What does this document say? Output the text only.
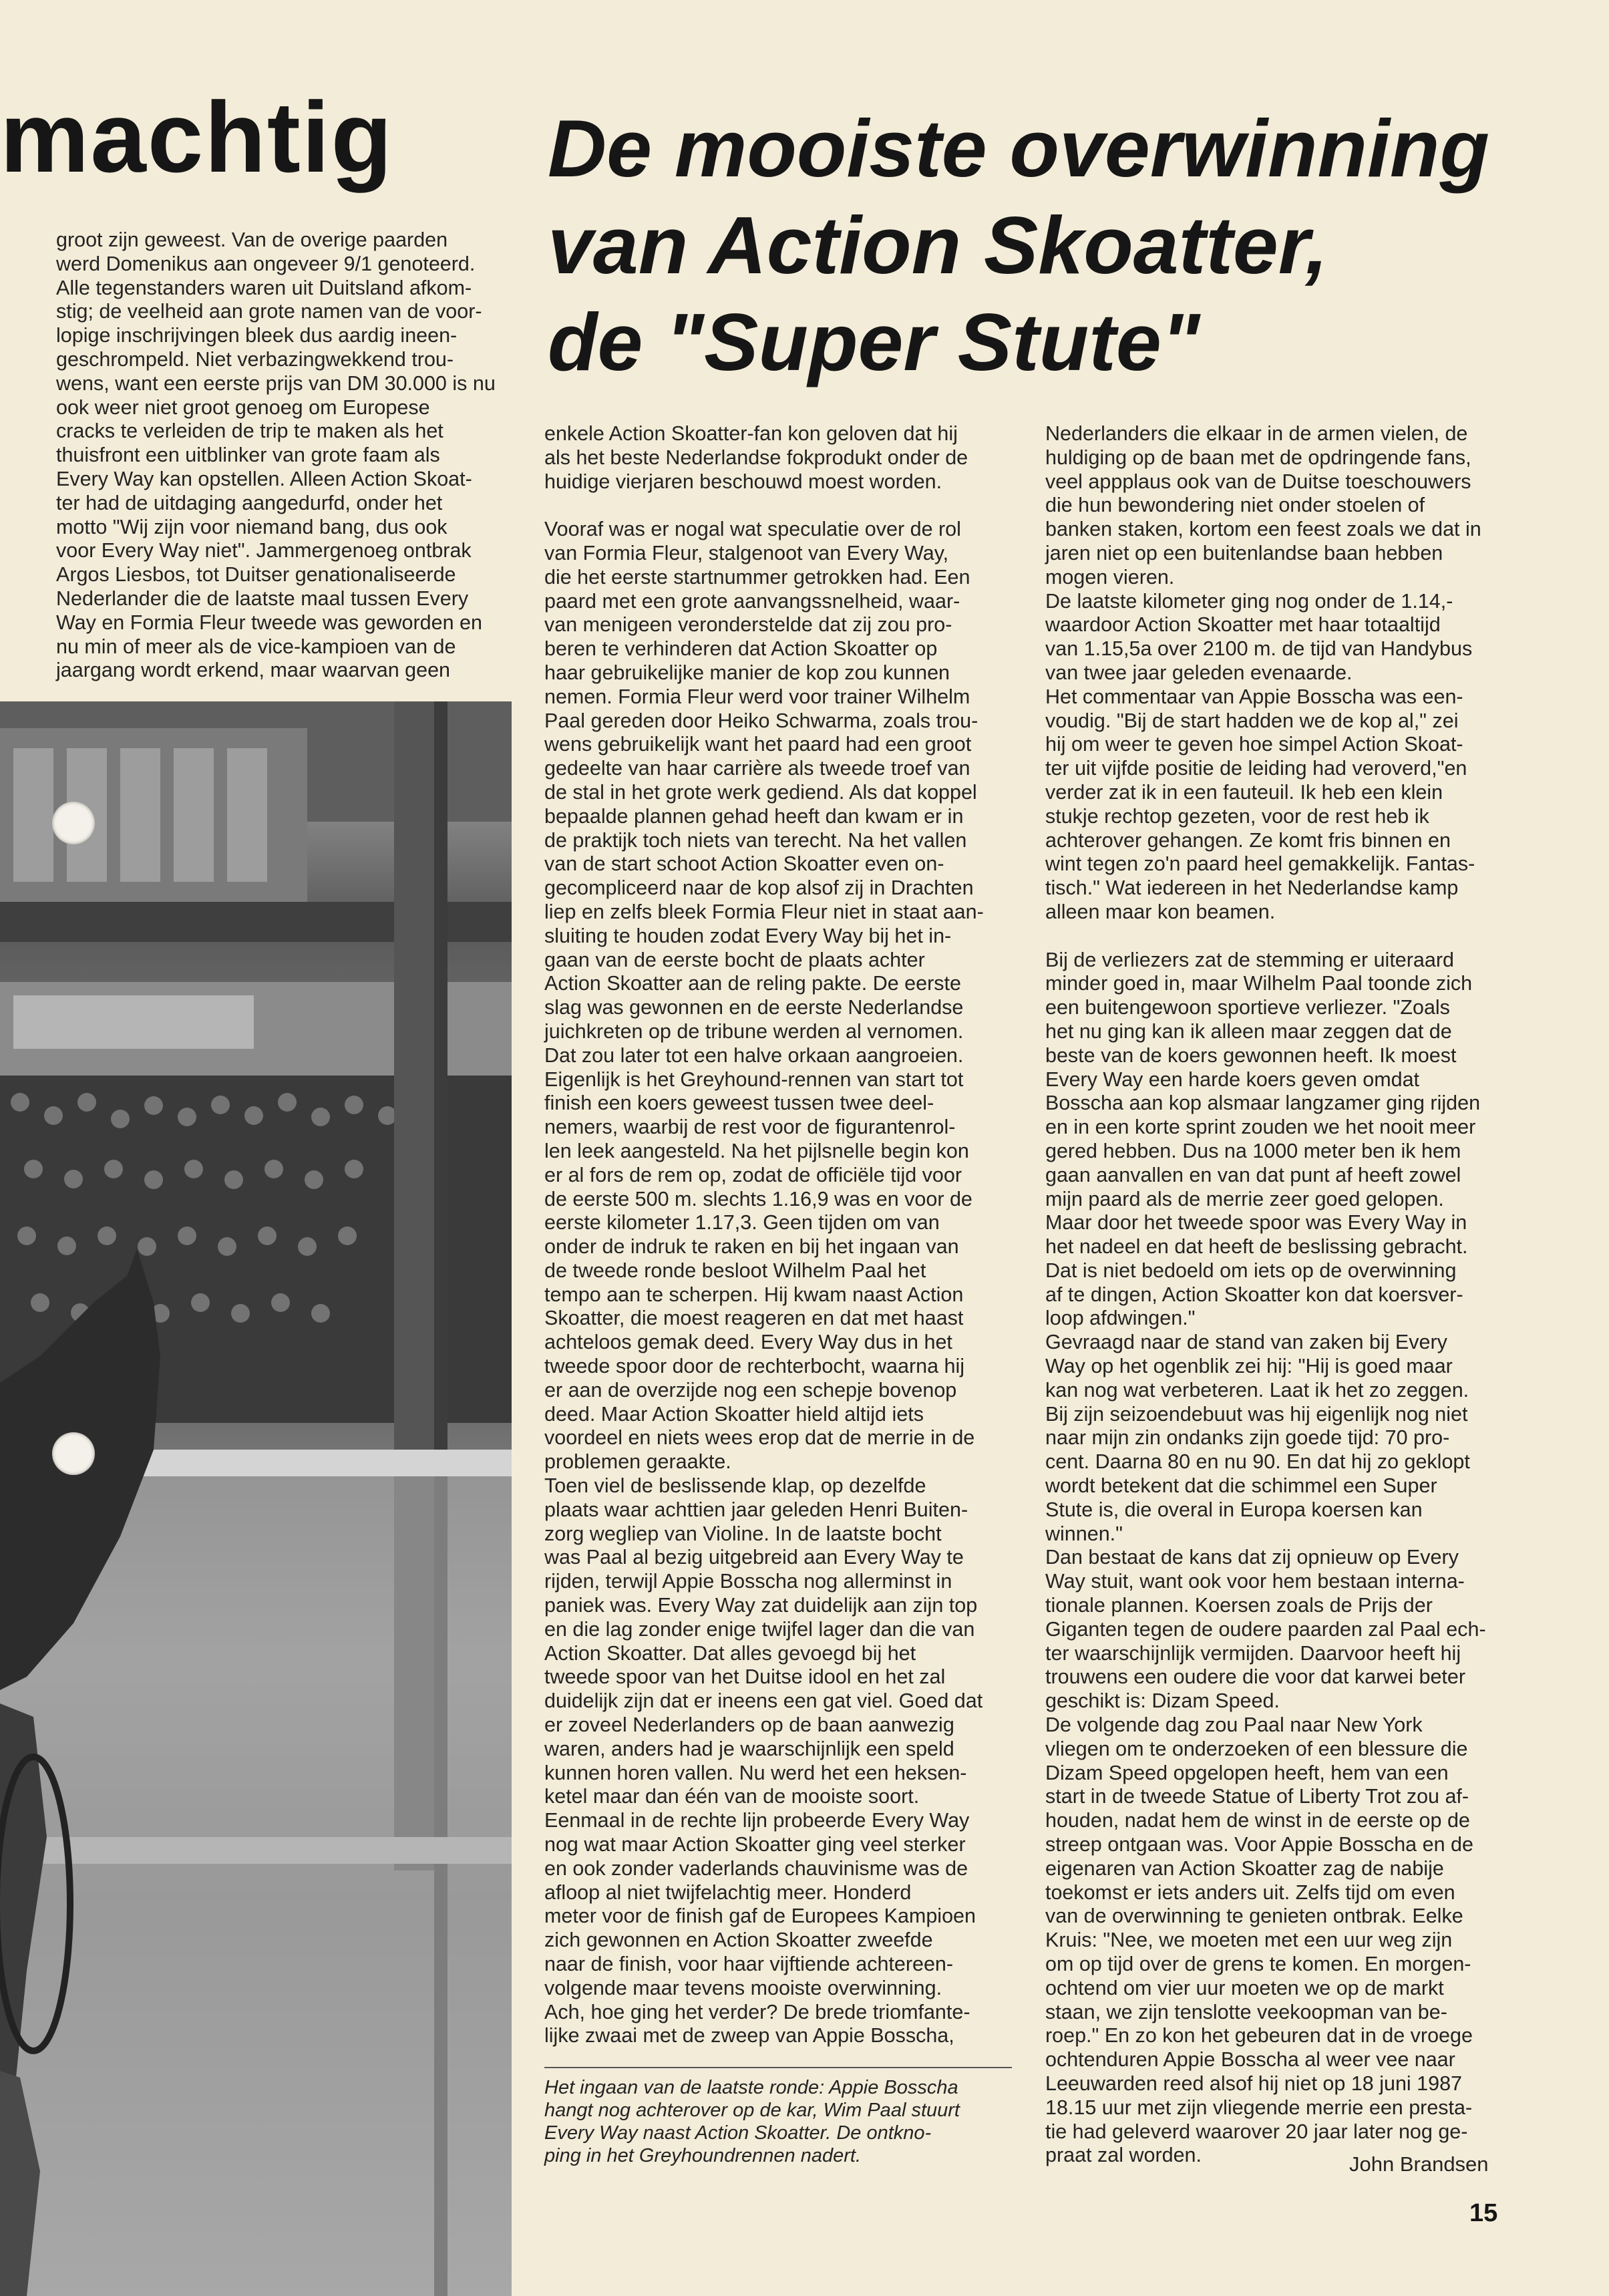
machtig	De mooiste overwinning
van Action Skoatter,
de "Super Stute"
groot zijn geweest. Van de overige paarden
werd Domenikus aan ongeveer 9/1 genoteerd.
Alle tegenstanders waren uit Duitsland afkom-
stig; de veelheid aan grote namen van de voor-
lopige inschrijvingen bleek dus aardig ineen-
geschrompeld. Niet verbazingwekkend trou-
wens, want een eerste prijs van DM 30.000 is nu
ook weer niet groot genoeg om Europese
cracks te verleiden de trip te maken als het
thuisfront een uitblinker van grote faam als
Every Way kan opstellen. Alleen Action Skoat-
ter had de uitdaging aangedurfd, onder het
motto "Wij zijn voor niemand bang, dus ook
voor Every Way niet". Jammergenoeg ontbrak
Argos Liesbos, tot Duitser genationaliseerde
Nederlander die de laatste maal tussen Every
Way en Formia Fleur tweede was geworden en
nu min of meer als de vice-kampioen van de
jaargang wordt erkend, maar waarvan geen
enkele Action Skoatter-fan kon geloven dat hij
als het beste Nederlandse fokprodukt onder de
huidige vierjaren beschouwd moest worden.

Vooraf was er nogal wat speculatie over de rol
van Formia Fleur, stalgenoot van Every Way,
die het eerste startnummer getrokken had. Een
paard met een grote aanvangssnelheid, waar-
van menigeen veronderstelde dat zij zou pro-
beren te verhinderen dat Action Skoatter op
haar gebruikelijke manier de kop zou kunnen
nemen. Formia Fleur werd voor trainer Wilhelm
Paal gereden door Heiko Schwarma, zoals trou-
wens gebruikelijk want het paard had een groot
gedeelte van haar carrière als tweede troef van
de stal in het grote werk gediend. Als dat koppel
bepaalde plannen gehad heeft dan kwam er in
de praktijk toch niets van terecht. Na het vallen
van de start schoot Action Skoatter even on-
gecompliceerd naar de kop alsof zij in Drachten
liep en zelfs bleek Formia Fleur niet in staat aan-
sluiting te houden zodat Every Way bij het in-
gaan van de eerste bocht de plaats achter
Action Skoatter aan de reling pakte. De eerste
slag was gewonnen en de eerste Nederlandse
juichkreten op de tribune werden al vernomen.
Dat zou later tot een halve orkaan aangroeien.
Eigenlijk is het Greyhound-rennen van start tot
finish een koers geweest tussen twee deel-
nemers, waarbij de rest voor de figurantenrol-
len leek aangesteld. Na het pijlsnelle begin kon
er al fors de rem op, zodat de officiële tijd voor
de eerste 500 m. slechts 1.16,9 was en voor de
eerste kilometer 1.17,3. Geen tijden om van
onder de indruk te raken en bij het ingaan van
de tweede ronde besloot Wilhelm Paal het
tempo aan te scherpen. Hij kwam naast Action
Skoatter, die moest reageren en dat met haast
achteloos gemak deed. Every Way dus in het
tweede spoor door de rechterbocht, waarna hij
er aan de overzijde nog een schepje bovenop
deed. Maar Action Skoatter hield altijd iets
voordeel en niets wees erop dat de merrie in de
problemen geraakte.
Toen viel de beslissende klap, op dezelfde
plaats waar achttien jaar geleden Henri Buiten-
zorg wegliep van Violine. In de laatste bocht
was Paal al bezig uitgebreid aan Every Way te
rijden, terwijl Appie Bosscha nog allerminst in
paniek was. Every Way zat duidelijk aan zijn top
en die lag zonder enige twijfel lager dan die van
Action Skoatter. Dat alles gevoegd bij het
tweede spoor van het Duitse idool en het zal
duidelijk zijn dat er ineens een gat viel. Goed dat
er zoveel Nederlanders op de baan aanwezig
waren, anders had je waarschijnlijk een speld
kunnen horen vallen. Nu werd het een heksen-
ketel maar dan één van de mooiste soort.
Eenmaal in de rechte lijn probeerde Every Way
nog wat maar Action Skoatter ging veel sterker
en ook zonder vaderlands chauvinisme was de
afloop al niet twijfelachtig meer. Honderd
meter voor de finish gaf de Europees Kampioen
zich gewonnen en Action Skoatter zweefde
naar de finish, voor haar vijftiende achtereen-
volgende maar tevens mooiste overwinning.
Ach, hoe ging het verder? De brede triomfante-
lijke zwaai met de zweep van Appie Bosscha,
Nederlanders die elkaar in de armen vielen, de
huldiging op de baan met de opdringende fans,
veel appplaus ook van de Duitse toeschouwers
die hun bewondering niet onder stoelen of
banken staken, kortom een feest zoals we dat in
jaren niet op een buitenlandse baan hebben
mogen vieren.
De laatste kilometer ging nog onder de 1.14,-
waardoor Action Skoatter met haar totaaltijd
van 1.15,5a over 2100 m. de tijd van Handybus
van twee jaar geleden evenaarde.
Het commentaar van Appie Bosscha was een-
voudig. "Bij de start hadden we de kop al," zei
hij om weer te geven hoe simpel Action Skoat-
ter uit vijfde positie de leiding had veroverd,"en
verder zat ik in een fauteuil. Ik heb een klein
stukje rechtop gezeten, voor de rest heb ik
achterover gehangen. Ze komt fris binnen en
wint tegen zo'n paard heel gemakkelijk. Fantas-
tisch." Wat iedereen in het Nederlandse kamp
alleen maar kon beamen.

Bij de verliezers zat de stemming er uiteraard
minder goed in, maar Wilhelm Paal toonde zich
een buitengewoon sportieve verliezer. "Zoals
het nu ging kan ik alleen maar zeggen dat de
beste van de koers gewonnen heeft. Ik moest
Every Way een harde koers geven omdat
Bosscha aan kop alsmaar langzamer ging rijden
en in een korte sprint zouden we het nooit meer
gered hebben. Dus na 1000 meter ben ik hem
gaan aanvallen en van dat punt af heeft zowel
mijn paard als de merrie zeer goed gelopen.
Maar door het tweede spoor was Every Way in
het nadeel en dat heeft de beslissing gebracht.
Dat is niet bedoeld om iets op de overwinning
af te dingen, Action Skoatter kon dat koersver-
loop afdwingen."
Gevraagd naar de stand van zaken bij Every
Way op het ogenblik zei hij: "Hij is goed maar
kan nog wat verbeteren. Laat ik het zo zeggen.
Bij zijn seizoendebuut was hij eigenlijk nog niet
naar mijn zin ondanks zijn goede tijd: 70 pro-
cent. Daarna 80 en nu 90. En dat hij zo geklopt
wordt betekent dat die schimmel een Super
Stute is, die overal in Europa koersen kan
winnen."
Dan bestaat de kans dat zij opnieuw op Every
Way stuit, want ook voor hem bestaan interna-
tionale plannen. Koersen zoals de Prijs der
Giganten tegen de oudere paarden zal Paal ech-
ter waarschijnlijk vermijden. Daarvoor heeft hij
trouwens een oudere die voor dat karwei beter
geschikt is: Dizam Speed.
De volgende dag zou Paal naar New York
vliegen om te onderzoeken of een blessure die
Dizam Speed opgelopen heeft, hem van een
start in de tweede Statue of Liberty Trot zou af-
houden, nadat hem de winst in de eerste op de
streep ontgaan was. Voor Appie Bosscha en de
eigenaren van Action Skoatter zag de nabije
toekomst er iets anders uit. Zelfs tijd om even
van de overwinning te genieten ontbrak. Eelke
Kruis: "Nee, we moeten met een uur weg zijn
om op tijd over de grens te komen. En morgen-
ochtend om vier uur moeten we op de markt
staan, we zijn tenslotte veekoopman van be-
roep." En zo kon het gebeuren dat in de vroege
ochtenduren Appie Bosscha al weer vee naar
Leeuwarden reed alsof hij niet op 18 juni 1987
18.15 uur met zijn vliegende merrie een presta-
tie had geleverd waarover 20 jaar later nog ge-
praat zal worden.
Het ingaan van de laatste ronde: Appie Bosscha
hangt nog achterover op de kar, Wim Paal stuurt
Every Way naast Action Skoatter. De ontkno-
ping in het Greyhoundrennen nadert.	John Brandsen
15
